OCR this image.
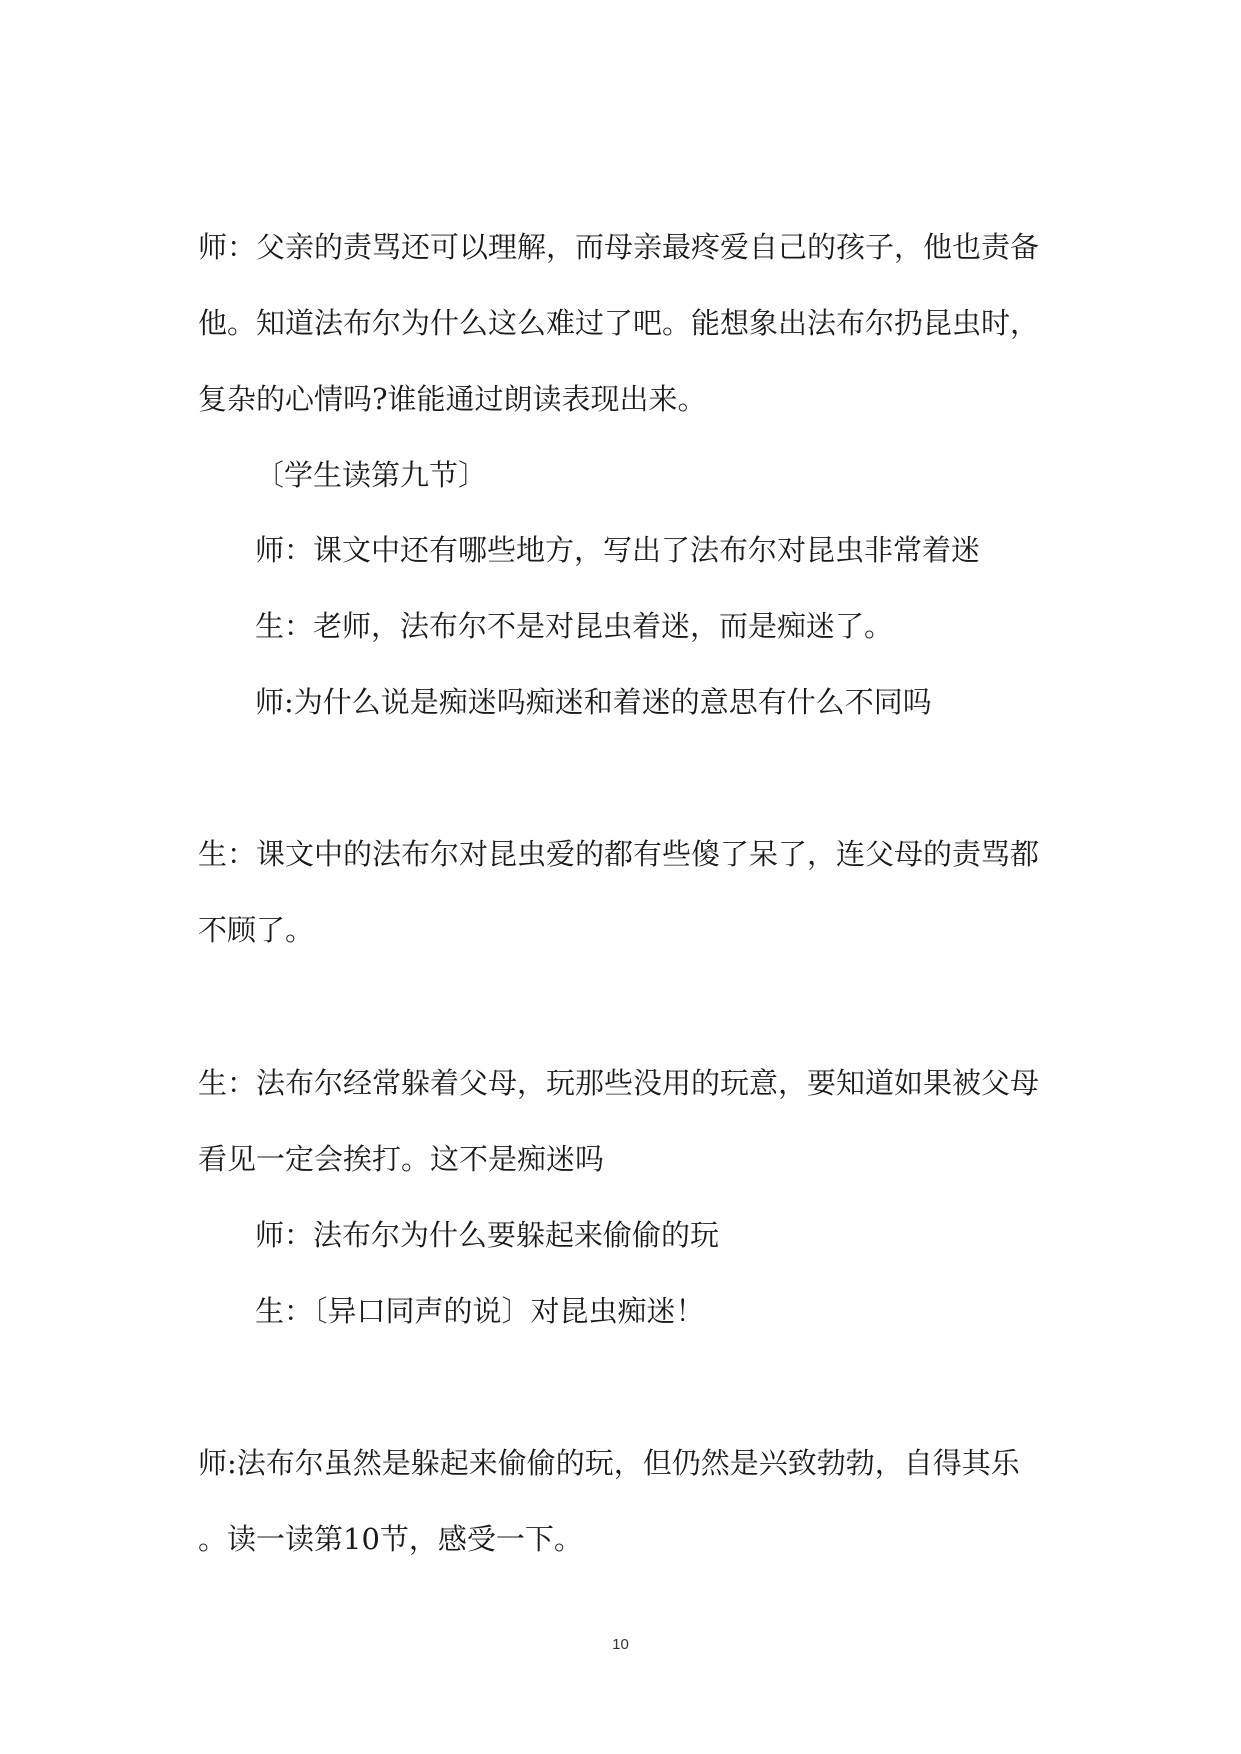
师：父亲的责骂还可以理解，而母亲最疼爱自己的孩子，他也责备

他。知道法布尔为什么这么难过了吧。能想象出法布尔扔昆虫时，

复杂的心情吗?谁能通过朗读表现出来。

〔学生读第九节〕

师：课文中还有哪些地方，写出了法布尔对昆虫非常着迷

生：老师，法布尔不是对昆虫着迷，而是痴迷了。

师:为什么说是痴迷吗痴迷和着迷的意思有什么不同吗

生：课文中的法布尔对昆虫爱的都有些傻了呆了，连父母的责骂都

不顾了。

生：法布尔经常躲着父母，玩那些没用的玩意，要知道如果被父母

看见一定会挨打。这不是痴迷吗

师：法布尔为什么要躲起来偷偷的玩

生：〔异口同声的说〕对昆虫痴迷！

师:法布尔虽然是躲起来偷偷的玩，但仍然是兴致勃勃，自得其乐

。读一读第10节，感受一下。

10
